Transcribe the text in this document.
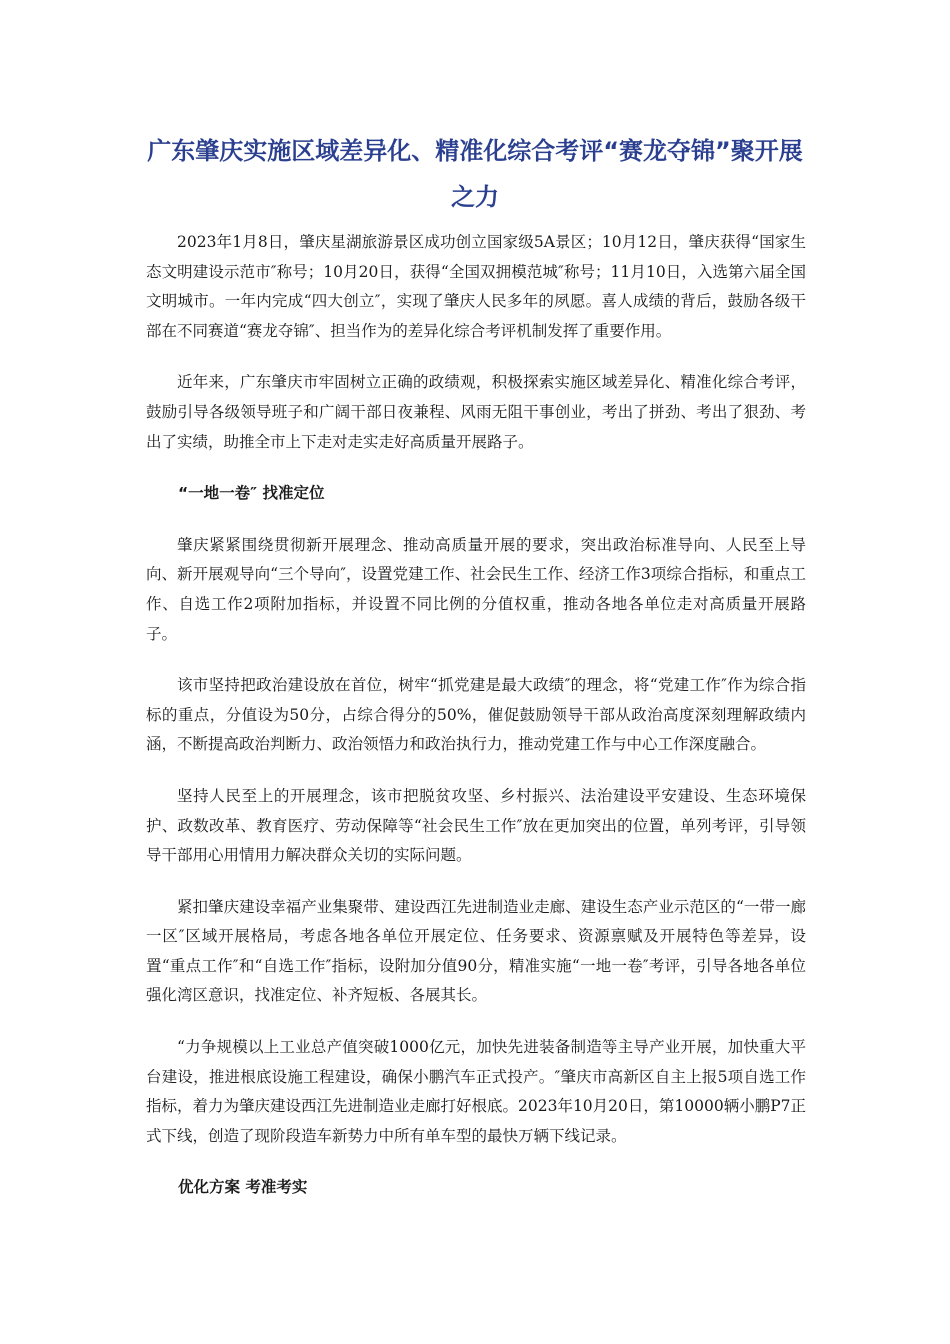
广东肇庆实施区域差异化、精准化综合考评“赛龙夺锦”聚开展之力

2023年1月8日，肇庆星湖旅游景区成功创立国家级5A景区；10月12日，肇庆获得“国家生态文明建设示范市″称号；10月20日，获得“全国双拥模范城″称号；11月10日，入选第六届全国文明城市。一年内完成“四大创立″，实现了肇庆人民多年的夙愿。喜人成绩的背后，鼓励各级干部在不同赛道“赛龙夺锦″、担当作为的差异化综合考评机制发挥了重要作用。

近年来，广东肇庆市牢固树立正确的政绩观，积极探索实施区域差异化、精准化综合考评，鼓励引导各级领导班子和广阔干部日夜兼程、风雨无阻干事创业，考出了拼劲、考出了狠劲、考出了实绩，助推全市上下走对走实走好高质量开展路子。

“一地一卷″ 找准定位

肇庆紧紧围绕贯彻新开展理念、推动高质量开展的要求，突出政治标准导向、人民至上导向、新开展观导向“三个导向″，设置党建工作、社会民生工作、经济工作3项综合指标，和重点工作、自选工作2项附加指标，并设置不同比例的分值权重，推动各地各单位走对高质量开展路子。

该市坚持把政治建设放在首位，树牢“抓党建是最大政绩″的理念，将“党建工作″作为综合指标的重点，分值设为50分，占综合得分的50%，催促鼓励领导干部从政治高度深刻理解政绩内涵，不断提高政治判断力、政治领悟力和政治执行力，推动党建工作与中心工作深度融合。

坚持人民至上的开展理念，该市把脱贫攻坚、乡村振兴、法治建设平安建设、生态环境保护、政数改革、教育医疗、劳动保障等“社会民生工作″放在更加突出的位置，单列考评，引导领导干部用心用情用力解决群众关切的实际问题。

紧扣肇庆建设幸福产业集聚带、建设西江先进制造业走廊、建设生态产业示范区的“一带一廊一区″区域开展格局，考虑各地各单位开展定位、任务要求、资源禀赋及开展特色等差异，设置“重点工作″和“自选工作″指标，设附加分值90分，精准实施“一地一卷″考评，引导各地各单位强化湾区意识，找准定位、补齐短板、各展其长。

“力争规模以上工业总产值突破1000亿元，加快先进装备制造等主导产业开展，加快重大平台建设，推进根底设施工程建设，确保小鹏汽车正式投产。″肇庆市高新区自主上报5项自选工作指标，着力为肇庆建设西江先进制造业走廊打好根底。2023年10月20日，第10000辆小鹏P7正式下线，创造了现阶段造车新势力中所有单车型的最快万辆下线记录。

优化方案 考准考实
